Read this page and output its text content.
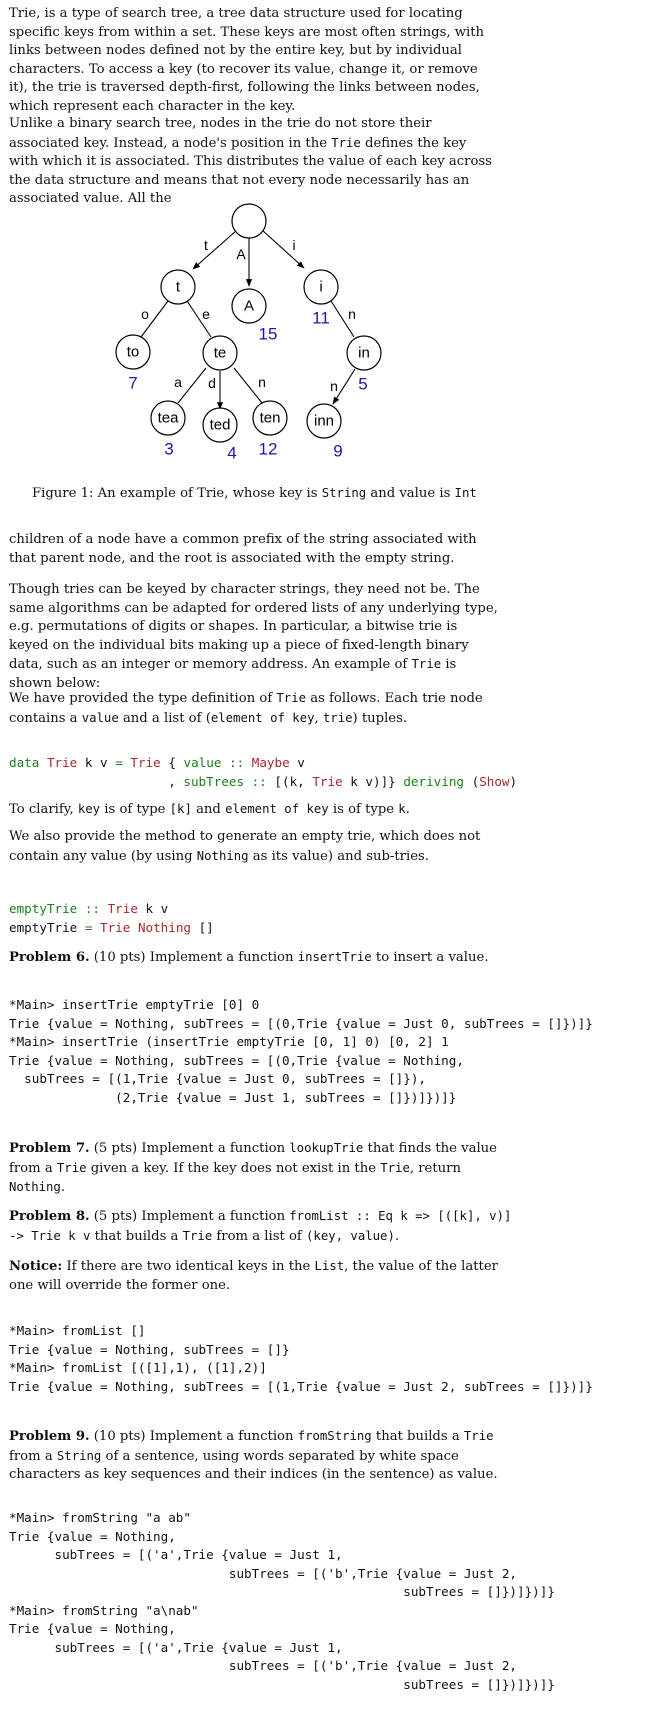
Trie, is a type of search tree, a tree data structure used for locating specific keys from within a set. These keys are most often strings, with links between nodes defined not by the entire key, but by individual characters. To access a key (to recover its value, change it, or remove it), the trie is traversed depth-first, following the links between nodes, which represent each character in the key.

Unlike a binary search tree, nodes in the trie do not store their associated key. Instead, a node's position in the Trie defines the key with which it is associated. This distributes the value of each key across the data structure and means that not every node necessarily has an associated value. All the

t
A
i
to	te	in
tea ted ten inn
t
A
i
o	e	n
a d	n	n
15
11
7	5
3	4 12	9
Figure 1: An example of Trie, whose key is String and value is Int

children of a node have a common prefix of the string associated with that parent node, and the root is associated with the empty string.

Though tries can be keyed by character strings, they need not be. The same algorithms can be adapted for ordered lists of any underlying type, e.g. permutations of digits or shapes. In particular, a bitwise trie is keyed on the individual bits making up a piece of fixed-length binary data, such as an integer or memory address. An example of Trie is shown below:

We have provided the type definition of Trie as follows. Each trie node contains a value and a list of (element of key, trie) tuples.

data Trie k v = Trie { value :: Maybe v
, subTrees :: [(k, Trie k v)]} deriving (Show)

To clarify, key is of type [k] and element of key is of type k.

We also provide the method to generate an empty trie, which does not contain any value (by using Nothing as its value) and sub-tries.

emptyTrie :: Trie k v
emptyTrie = Trie Nothing []

Problem 6. (10 pts) Implement a function insertTrie to insert a value.

*Main> insertTrie emptyTrie [0] 0
Trie {value = Nothing, subTrees = [(0,Trie {value = Just 0, subTrees = []})]}
*Main> insertTrie (insertTrie emptyTrie [0, 1] 0) [0, 2] 1
Trie {value = Nothing, subTrees = [(0,Trie {value = Nothing,
subTrees = [(1,Trie {value = Just 0, subTrees = []}),
(2,Trie {value = Just 1, subTrees = []})]})]}

Problem 7. (5 pts) Implement a function lookupTrie that finds the value from a Trie given a key. If the key does not exist in the Trie, return Nothing.

Problem 8. (5 pts) Implement a function fromList :: Eq k => [([k], v)] -> Trie k v that builds a Trie from a list of (key, value).

Notice: If there are two identical keys in the List, the value of the latter one will override the former one.

*Main> fromList []
Trie {value = Nothing, subTrees = []}
*Main> fromList [([1],1), ([1],2)]
Trie {value = Nothing, subTrees = [(1,Trie {value = Just 2, subTrees = []})]}

Problem 9. (10 pts) Implement a function fromString that builds a Trie from a String of a sentence, using words separated by white space characters as key sequences and their indices (in the sentence) as value.

*Main> fromString "a ab"
Trie {value = Nothing,
subTrees = [('a',Trie {value = Just 1,
subTrees = [('b',Trie {value = Just 2,
subTrees = []})]})]}
*Main> fromString "a\nab"
Trie {value = Nothing,
subTrees = [('a',Trie {value = Just 1,
subTrees = [('b',Trie {value = Just 2,
subTrees = []})]})]}
